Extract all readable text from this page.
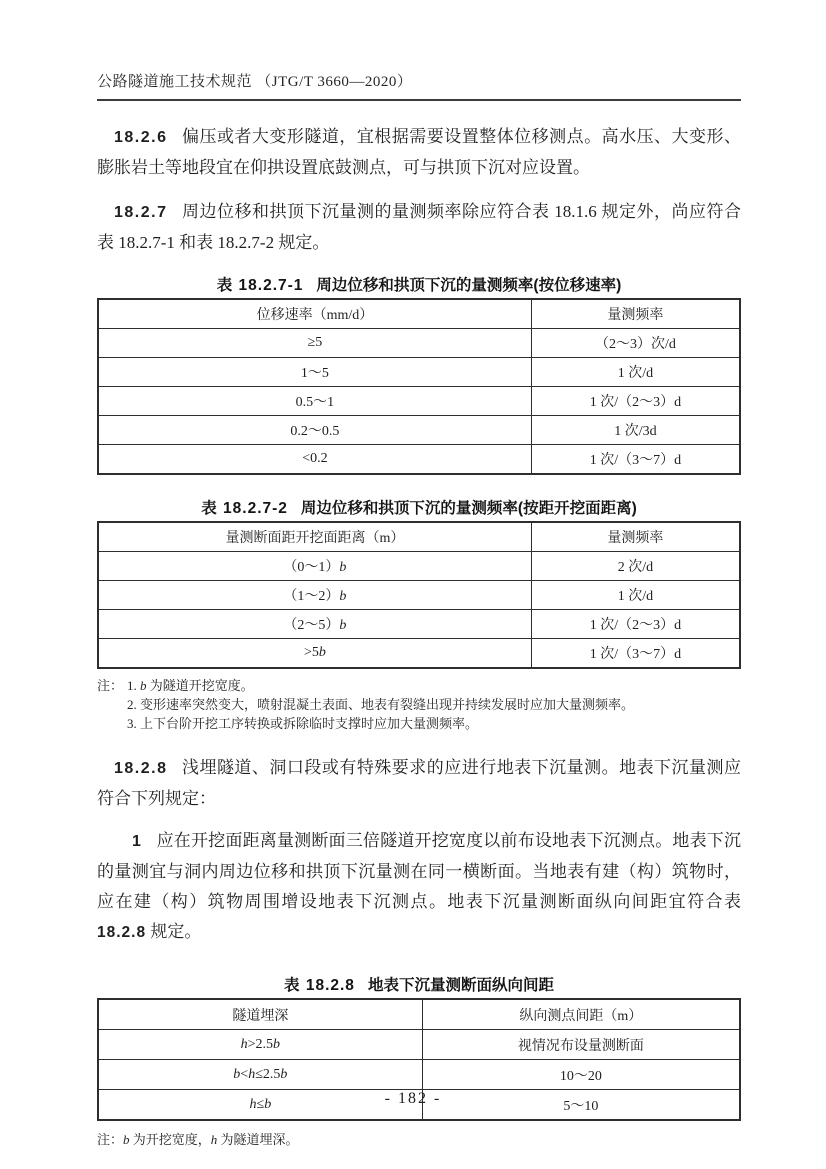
公路隧道施工技术规范 （JTG/T 3660—2020）

18.2.6 偏压或者大变形隧道，宜根据需要设置整体位移测点。高水压、大变形、膨胀岩土等地段宜在仰拱设置底鼓测点，可与拱顶下沉对应设置。

18.2.7 周边位移和拱顶下沉量测的量测频率除应符合表 18.1.6 规定外，尚应符合表 18.2.7-1 和表 18.2.7-2 规定。

表 18.2.7-1 周边位移和拱顶下沉的量测频率(按位移速率)
位移速率（mm/d）	量测频率
≥5	（2～3）次/d
1～5	1 次/d
0.5～1	1 次/（2～3）d
0.2～0.5	1 次/3d
<0.2	1 次/（3～7）d
表 18.2.7-2 周边位移和拱顶下沉的量测频率(按距开挖面距离)
量测断面距开挖面距离（m）	量测频率
（0～1）b	2 次/d
（1～2）b	1 次/d
（2～5）b	1 次/（2～3）d
>5b	1 次/（3～7）d
注： 1. b 为隧道开挖宽度。
2. 变形速率突然变大，喷射混凝土表面、地表有裂缝出现并持续发展时应加大量测频率。
3. 上下台阶开挖工序转换或拆除临时支撑时应加大量测频率。

18.2.8 浅埋隧道、洞口段或有特殊要求的应进行地表下沉量测。地表下沉量测应符合下列规定：

1 应在开挖面距离量测断面三倍隧道开挖宽度以前布设地表下沉测点。地表下沉的量测宜与洞内周边位移和拱顶下沉量测在同一横断面。当地表有建（构）筑物时，应在建（构）筑物周围增设地表下沉测点。地表下沉量测断面纵向间距宜符合表 18.2.8 规定。

表 18.2.8 地表下沉量测断面纵向间距
隧道埋深	纵向测点间距（m）
h>2.5b	视情况布设量测断面
b<h≤2.5b	10～20
h≤b	5～10
注：b 为开挖宽度，h 为隧道埋深。
- 182 -
